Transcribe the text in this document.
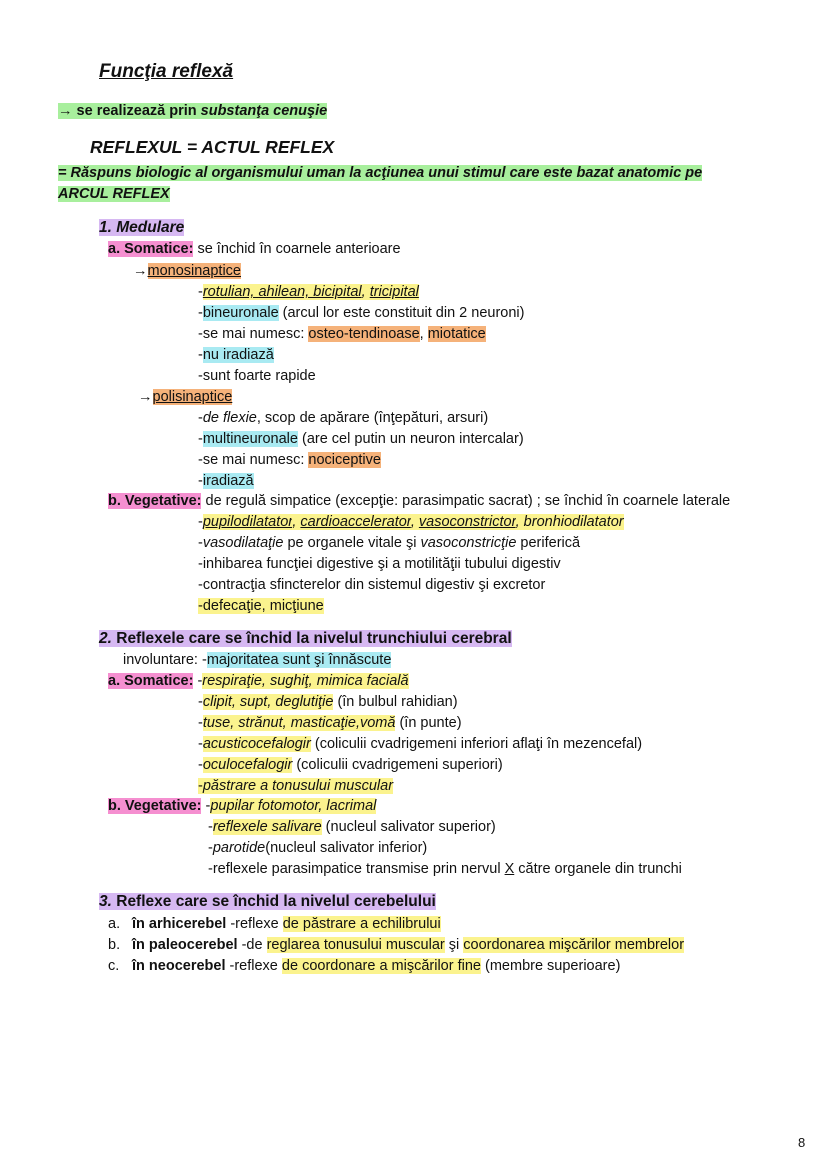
Funcţia reflexă
→ se realizează prin substanţa cenuşie
REFLEXUL = ACTUL REFLEX
= Răspuns biologic al organismului uman la acţiunea unui stimul care este bazat anatomic pe
ARCUL REFLEX
1. Medulare
a. Somatice: se închid în coarnele anterioare
→monosinaptice
-rotulian, ahilean, bicipital, tricipital
-bineuronale (arcul lor este constituit din 2 neuroni)
-se mai numesc: osteo-tendinoase, miotatice
-nu iradiază
-sunt foarte rapide
→polisinaptice
-de flexie, scop de apărare (înţepături, arsuri)
-multineuronale (are cel putin un neuron intercalar)
-se mai numesc: nociceptive
-iradiază
b. Vegetative: de regulă simpatice (excepţie: parasimpatic sacrat) ; se închid în coarnele laterale
-pupilodilatator, cardioaccelerator, vasoconstrictor, bronhiodilatator
-vasodilataţie pe organele vitale şi vasoconstricţie periferică
-inhibarea funcţiei digestive şi a motilităţii tubului digestiv
-contracţia sfincterelor din sistemul digestiv şi excretor
-defecaţie, micţiune
2. Reflexele care se închid la nivelul trunchiului cerebral
involuntare: -majoritatea sunt şi înnăscute
a. Somatice: -respiraţie, sughiţ, mimica facială
-clipit, supt, deglutiţie (în bulbul rahidian)
-tuse, strănut, masticaţie,vomă (în punte)
-acusticocefalogir (coliculii cvadrigemeni inferiori aflaţi în mezencefal)
-oculocefalogir (coliculii cvadrigemeni superiori)
-păstrare a tonusului muscular
b. Vegetative: -pupilar fotomotor, lacrimal
-reflexele salivare (nucleul salivator superior)
-parotide(nucleul salivator inferior)
-reflexele parasimpatice transmise prin nervul X către organele din trunchi
3. Reflexe care se închid la nivelul cerebelului
a. în arhicerebel -reflexe de păstrare a echilibrului
b. în paleocerebel -de reglarea tonusului muscular şi coordonarea mişcărilor membrelor
c. în neocerebel -reflexe de coordonare a mişcărilor fine (membre superioare)
8
